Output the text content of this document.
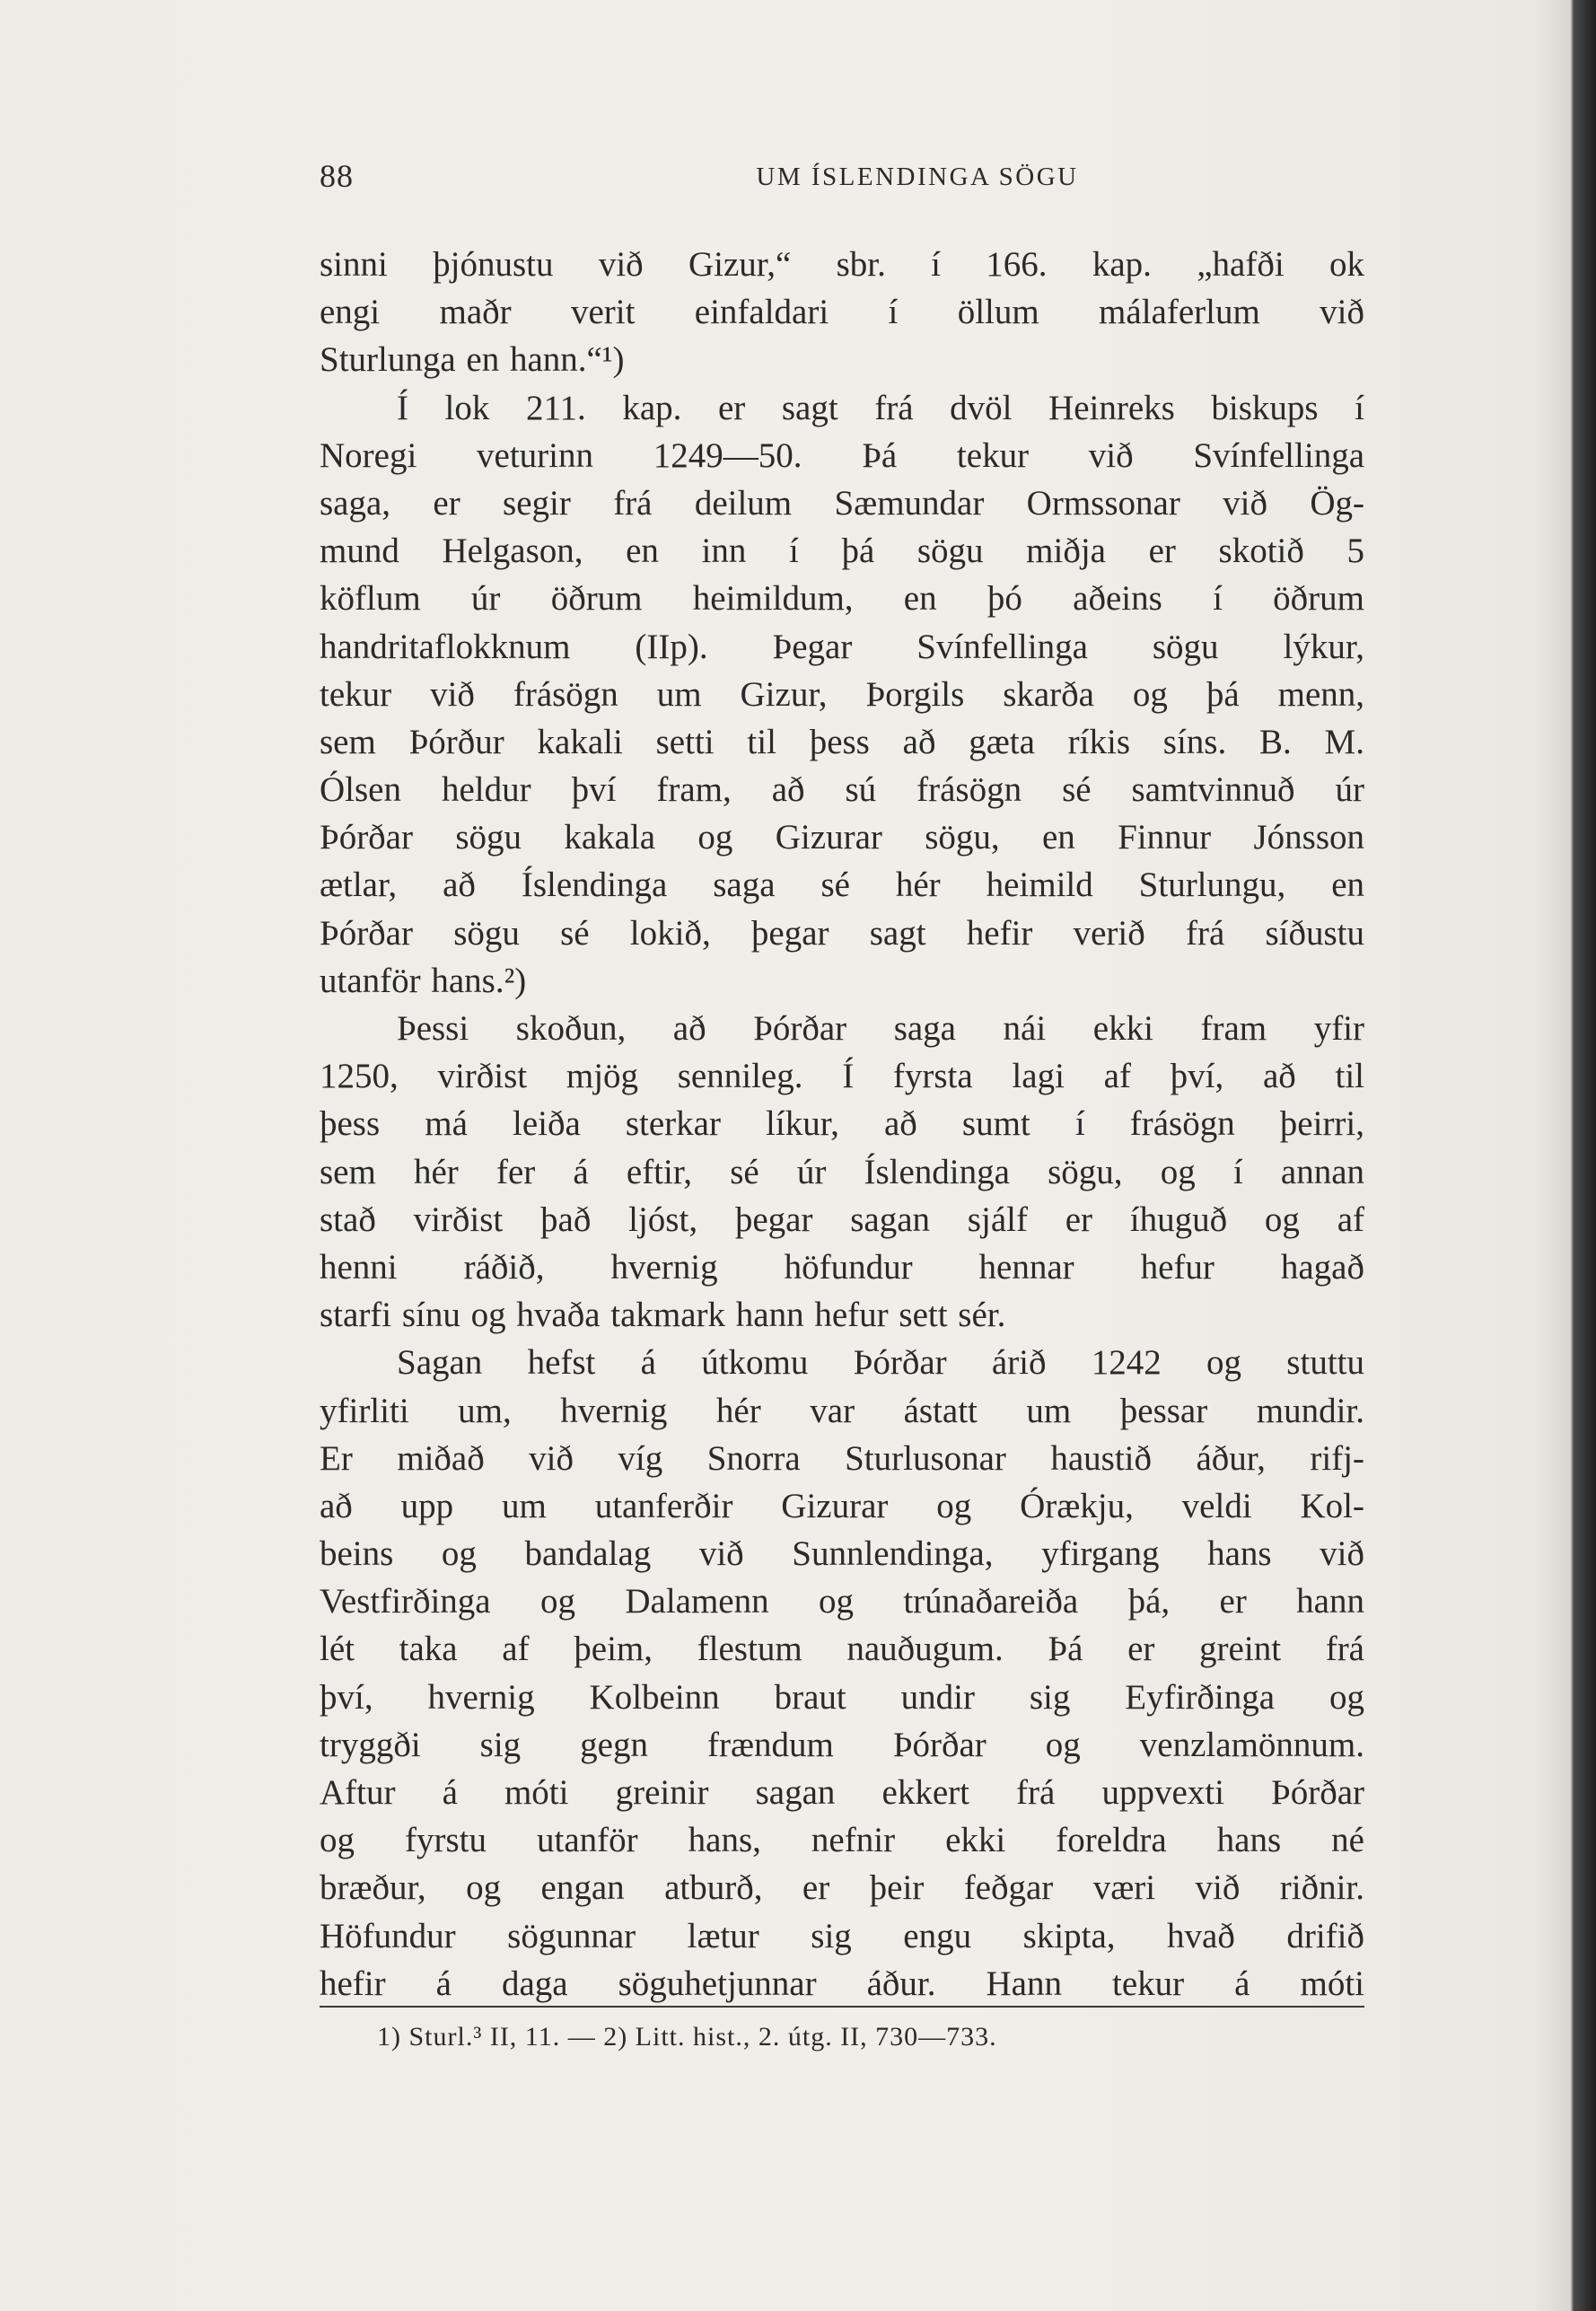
88	UM ÍSLENDINGA SÖGU
sinni þjónustu við Gizur,“ sbr. í 166. kap. „hafði ok
engi maðr verit einfaldari í öllum málaferlum við
Sturlunga en hann.“¹)
Í lok 211. kap. er sagt frá dvöl Heinreks biskups í
Noregi veturinn 1249—50. Þá tekur við Svínfellinga
saga, er segir frá deilum Sæmundar Ormssonar við Ög-
mund Helgason, en inn í þá sögu miðja er skotið 5
köflum úr öðrum heimildum, en þó aðeins í öðrum
handritaflokknum (IIp). Þegar Svínfellinga sögu lýkur,
tekur við frásögn um Gizur, Þorgils skarða og þá menn,
sem Þórður kakali setti til þess að gæta ríkis síns. B. M.
Ólsen heldur því fram, að sú frásögn sé samtvinnuð úr
Þórðar sögu kakala og Gizurar sögu, en Finnur Jónsson
ætlar, að Íslendinga saga sé hér heimild Sturlungu, en
Þórðar sögu sé lokið, þegar sagt hefir verið frá síðustu
utanför hans.²)
Þessi skoðun, að Þórðar saga nái ekki fram yfir
1250, virðist mjög sennileg. Í fyrsta lagi af því, að til
þess má leiða sterkar líkur, að sumt í frásögn þeirri,
sem hér fer á eftir, sé úr Íslendinga sögu, og í annan
stað virðist það ljóst, þegar sagan sjálf er íhuguð og af
henni ráðið, hvernig höfundur hennar hefur hagað
starfi sínu og hvaða takmark hann hefur sett sér.
Sagan hefst á útkomu Þórðar árið 1242 og stuttu
yfirliti um, hvernig hér var ástatt um þessar mundir.
Er miðað við víg Snorra Sturlusonar haustið áður, rifj-
að upp um utanferðir Gizurar og Órækju, veldi Kol-
beins og bandalag við Sunnlendinga, yfirgang hans við
Vestfirðinga og Dalamenn og trúnaðareiða þá, er hann
lét taka af þeim, flestum nauðugum. Þá er greint frá
því, hvernig Kolbeinn braut undir sig Eyfirðinga og
tryggði sig gegn frændum Þórðar og venzlamönnum.
Aftur á móti greinir sagan ekkert frá uppvexti Þórðar
og fyrstu utanför hans, nefnir ekki foreldra hans né
bræður, og engan atburð, er þeir feðgar væri við riðnir.
Höfundur sögunnar lætur sig engu skipta, hvað drifið
hefir á daga söguhetjunnar áður. Hann tekur á móti
1) Sturl.³ II, 11. — 2) Litt. hist., 2. útg. II, 730—733.
